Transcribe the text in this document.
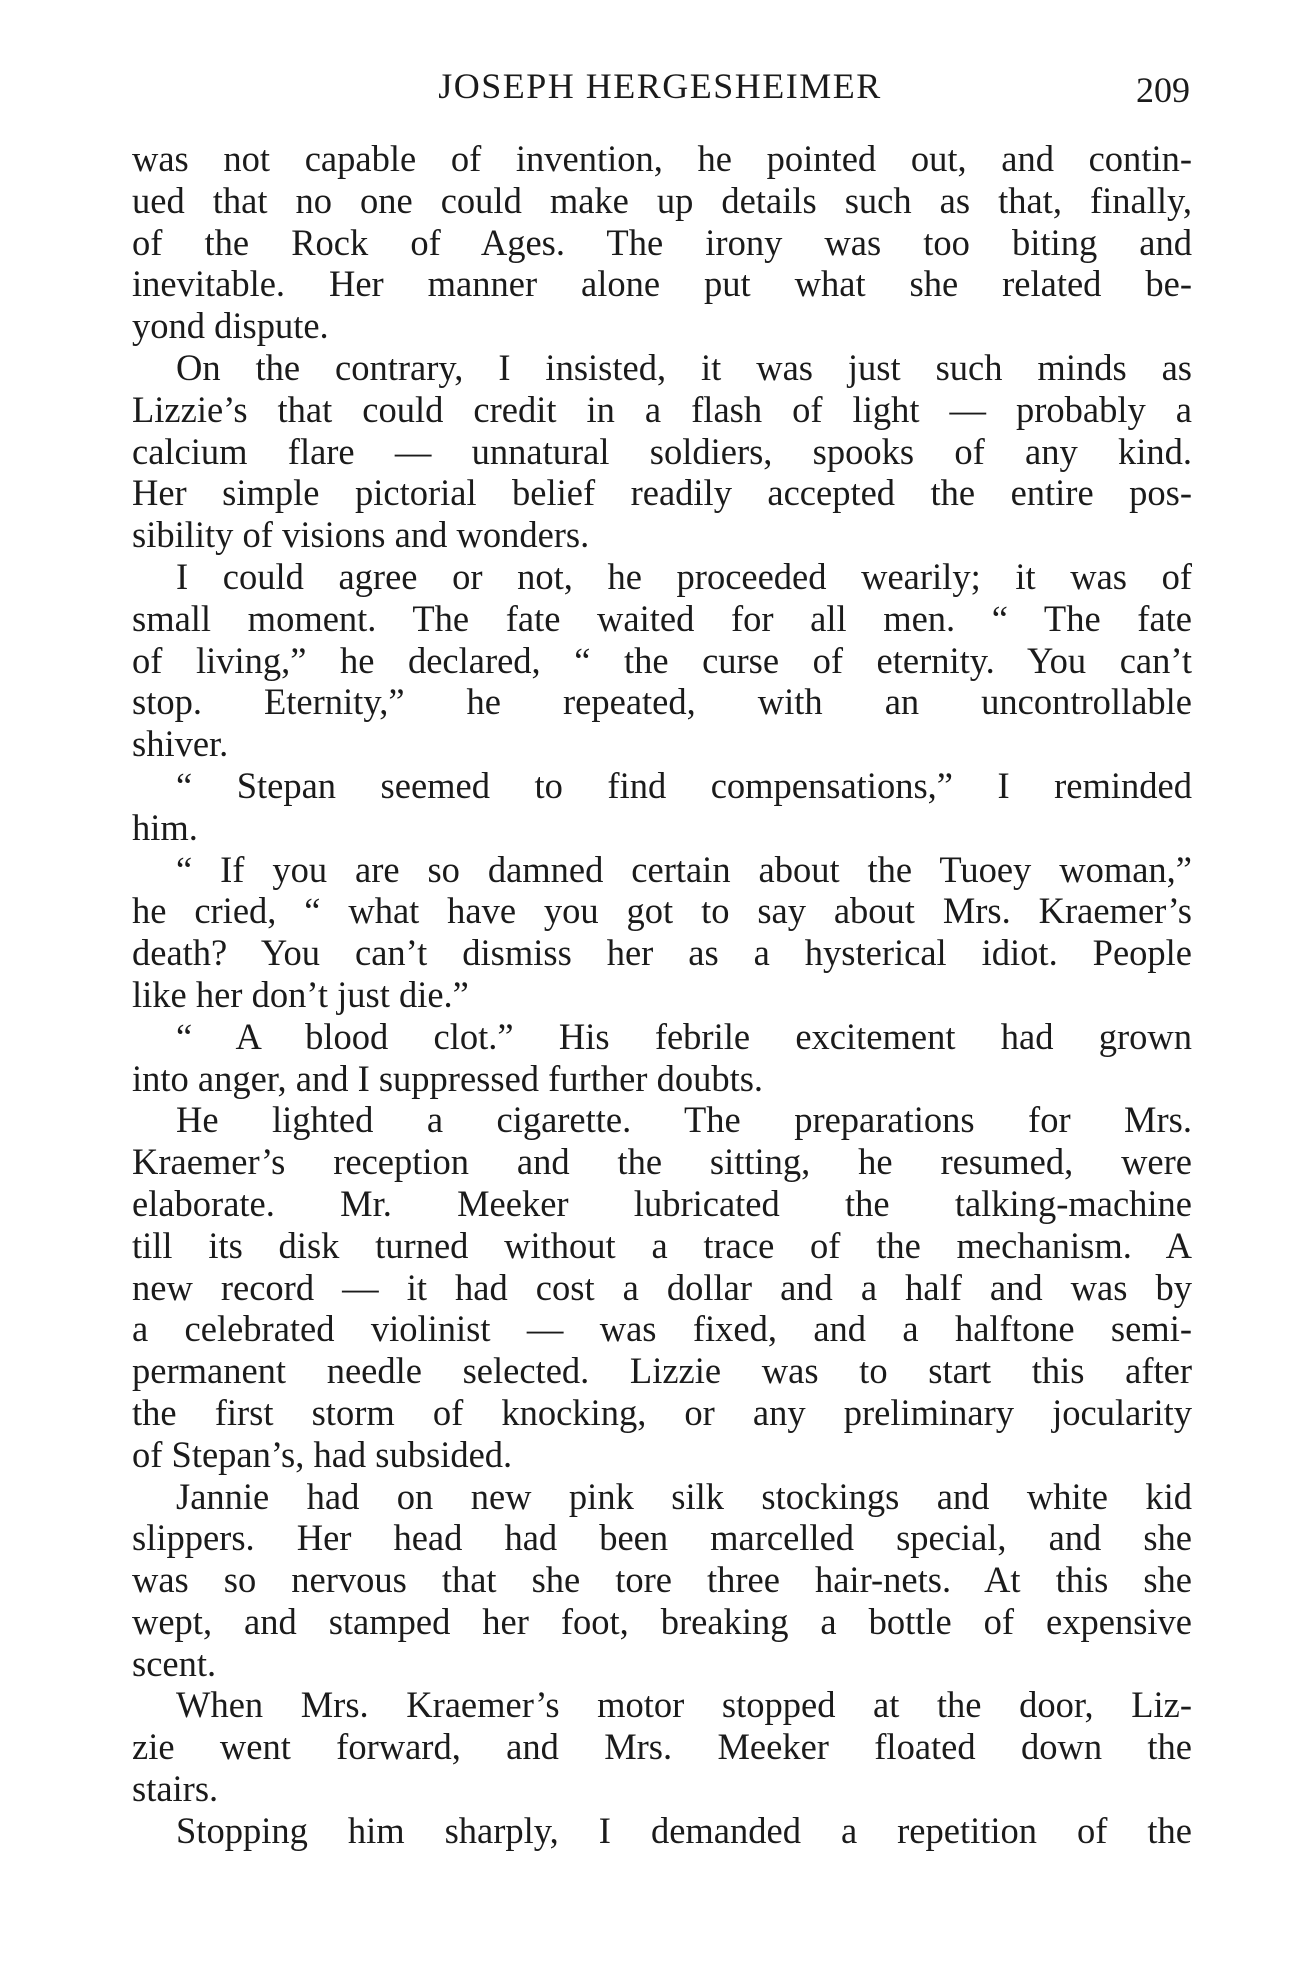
JOSEPH HERGESHEIMER	209
was not capable of invention, he pointed out, and contin-
ued that no one could make up details such as that, finally,
of the Rock of Ages. The irony was too biting and
inevitable. Her manner alone put what she related be-
yond dispute.
On the contrary, I insisted, it was just such minds as
Lizzie’s that could credit in a flash of light — probably a
calcium flare — unnatural soldiers, spooks of any kind.
Her simple pictorial belief readily accepted the entire pos-
sibility of visions and wonders.
I could agree or not, he proceeded wearily; it was of
small moment. The fate waited for all men. “ The fate
of living,” he declared, “ the curse of eternity. You can’t
stop. Eternity,” he repeated, with an uncontrollable
shiver.
“ Stepan seemed to find compensations,” I reminded
him.
“ If you are so damned certain about the Tuoey woman,”
he cried, “ what have you got to say about Mrs. Kraemer’s
death? You can’t dismiss her as a hysterical idiot. People
like her don’t just die.”
“ A blood clot.” His febrile excitement had grown
into anger, and I suppressed further doubts.
He lighted a cigarette. The preparations for Mrs.
Kraemer’s reception and the sitting, he resumed, were
elaborate. Mr. Meeker lubricated the talking-machine
till its disk turned without a trace of the mechanism. A
new record — it had cost a dollar and a half and was by
a celebrated violinist — was fixed, and a halftone semi-
permanent needle selected. Lizzie was to start this after
the first storm of knocking, or any preliminary jocularity
of Stepan’s, had subsided.
Jannie had on new pink silk stockings and white kid
slippers. Her head had been marcelled special, and she
was so nervous that she tore three hair-nets. At this she
wept, and stamped her foot, breaking a bottle of expensive
scent.
When Mrs. Kraemer’s motor stopped at the door, Liz-
zie went forward, and Mrs. Meeker floated down the
stairs.
Stopping him sharply, I demanded a repetition of the
